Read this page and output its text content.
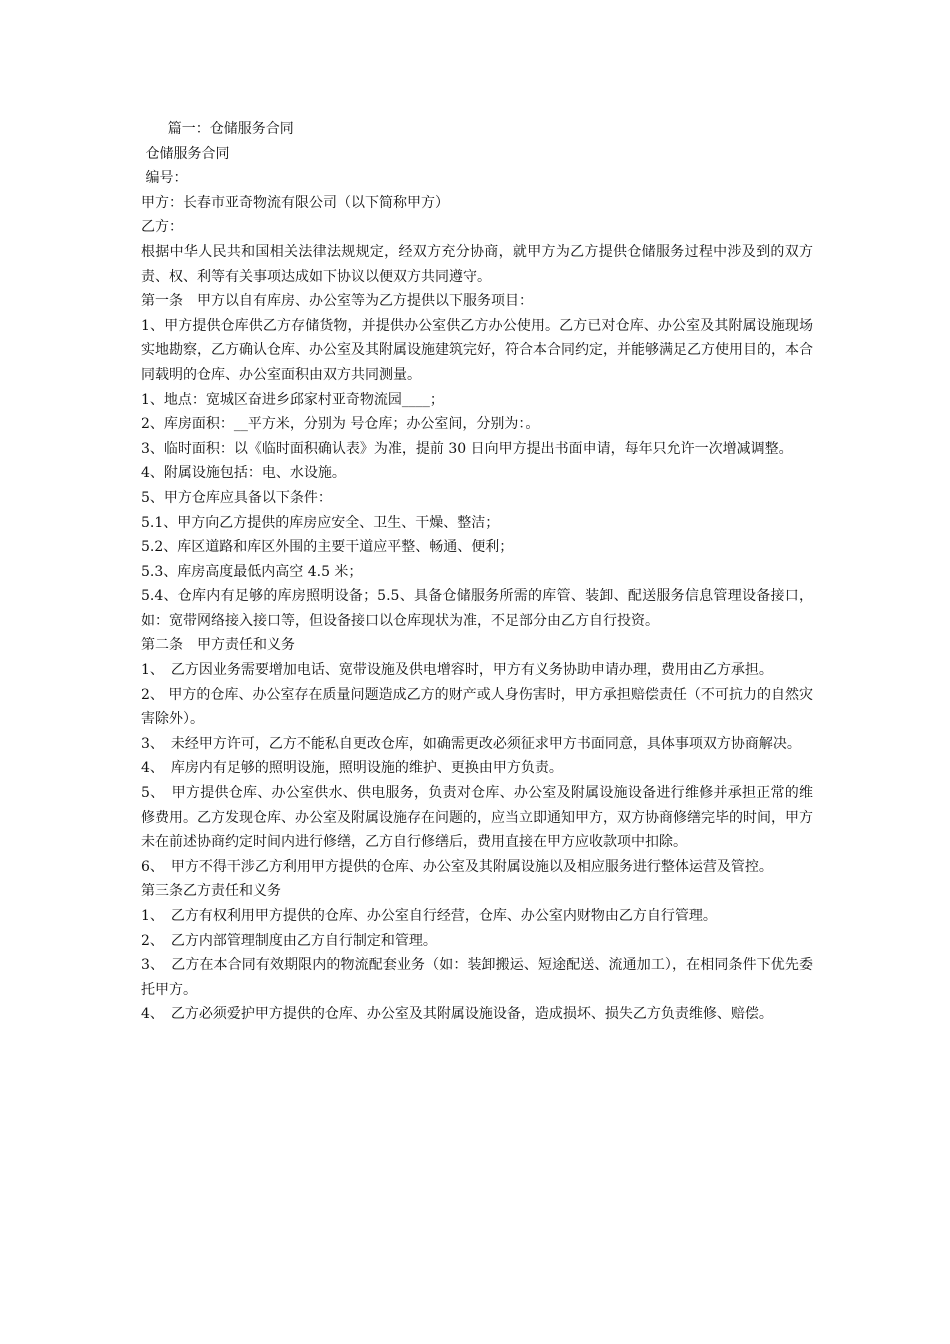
篇一：仓储服务合同

仓储服务合同

编号：

甲方：长春市亚奇物流有限公司（以下简称甲方）

乙方：

根据中华人民共和国相关法律法规规定，经双方充分协商，就甲方为乙方提供仓储服务过程中涉及到的双方责、权、利等有关事项达成如下协议以便双方共同遵守。

第一条　甲方以自有库房、办公室等为乙方提供以下服务项目：

1、甲方提供仓库供乙方存储货物，并提供办公室供乙方办公使用。乙方已对仓库、办公室及其附属设施现场实地勘察，乙方确认仓库、办公室及其附属设施建筑完好，符合本合同约定，并能够满足乙方使用目的，本合同载明的仓库、办公室面积由双方共同测量。

1、地点：宽城区奋进乡邱家村亚奇物流园____；

2、库房面积：__平方米，分别为 号仓库；办公室间，分别为：。

3、临时面积：以《临时面积确认表》为准，提前 30 日向甲方提出书面申请，每年只允许一次增减调整。

4、附属设施包括：电、水设施。

5、甲方仓库应具备以下条件：

5.1、甲方向乙方提供的库房应安全、卫生、干燥、整洁；

5.2、库区道路和库区外围的主要干道应平整、畅通、便利；

5.3、库房高度最低内高空 4.5 米；

5.4、仓库内有足够的库房照明设备；5.5、具备仓储服务所需的库管、装卸、配送服务信息管理设备接口，如：宽带网络接入接口等，但设备接口以仓库现状为准，不足部分由乙方自行投资。

第二条　甲方责任和义务

1、　乙方因业务需要增加电话、宽带设施及供电增容时，甲方有义务协助申请办理，费用由乙方承担。

2、 甲方的仓库、办公室存在质量问题造成乙方的财产或人身伤害时，甲方承担赔偿责任（不可抗力的自然灾害除外）。

3、　未经甲方许可，乙方不能私自更改仓库，如确需更改必须征求甲方书面同意，具体事项双方协商解决。

4、　库房内有足够的照明设施，照明设施的维护、更换由甲方负责。

5、　甲方提供仓库、办公室供水、供电服务，负责对仓库、办公室及附属设施设备进行维修并承担正常的维修费用。乙方发现仓库、办公室及附属设施存在问题的，应当立即通知甲方，双方协商修缮完毕的时间，甲方未在前述协商约定时间内进行修缮，乙方自行修缮后，费用直接在甲方应收款项中扣除。

6、　甲方不得干涉乙方利用甲方提供的仓库、办公室及其附属设施以及相应服务进行整体运营及管控。

第三条乙方责任和义务

1、　乙方有权利用甲方提供的仓库、办公室自行经营，仓库、办公室内财物由乙方自行管理。

2、　乙方内部管理制度由乙方自行制定和管理。

3、　乙方在本合同有效期限内的物流配套业务（如：装卸搬运、短途配送、流通加工），在相同条件下优先委托甲方。

4、　乙方必须爱护甲方提供的仓库、办公室及其附属设施设备，造成损坏、损失乙方负责维修、赔偿。
